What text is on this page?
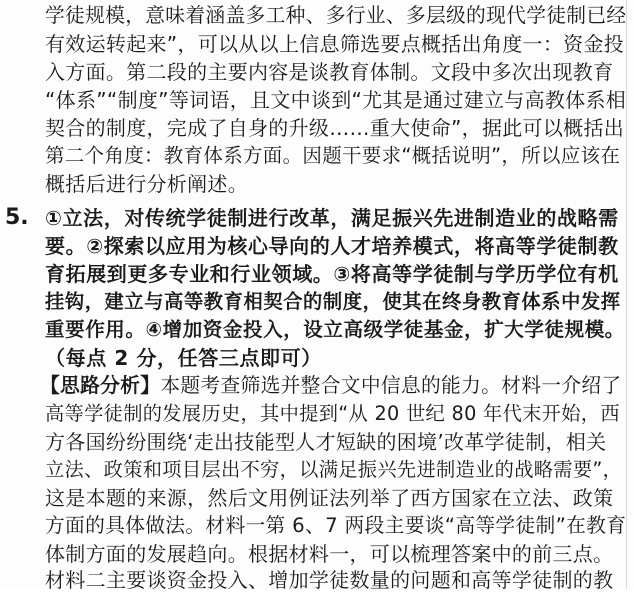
学徒规模，意味着涵盖多工种、多行业、多层级的现代学徒制已经
有效运转起来”，可以从以上信息筛选要点概括出角度一：资金投
入方面。第二段的主要内容是谈教育体制。文段中多次出现教育
“体系”“制度”等词语，且文中谈到“尤其是通过建立与高教体系相
契合的制度，完成了自身的升级……重大使命”，据此可以概括出
第二个角度：教育体系方面。因题干要求“概括说明”，所以应该在
概括后进行分析阐述。
5. ①立法，对传统学徒制进行改革，满足振兴先进制造业的战略需
要。②探索以应用为核心导向的人才培养模式，将高等学徒制教
育拓展到更多专业和行业领域。③将高等学徒制与学历学位有机
挂钩，建立与高等教育相契合的制度，使其在终身教育体系中发挥
重要作用。④增加资金投入，设立高级学徒基金，扩大学徒规模。
（每点 2 分，任答三点即可）
【思路分析】本题考查筛选并整合文中信息的能力。材料一介绍了
高等学徒制的发展历史，其中提到“从 20 世纪 80 年代末开始，西
方各国纷纷围绕‘走出技能型人才短缺的困境’改革学徒制，相关
立法、政策和项目层出不穷，以满足振兴先进制造业的战略需要”，
这是本题的来源，然后文用例证法列举了西方国家在立法、政策
方面的具体做法。材料一第 6、7 两段主要谈“高等学徒制”在教育
体制方面的发展趋向。根据材料一，可以梳理答案中的前三点。
材料二主要谈资金投入、增加学徒数量的问题和高等学徒制的教
